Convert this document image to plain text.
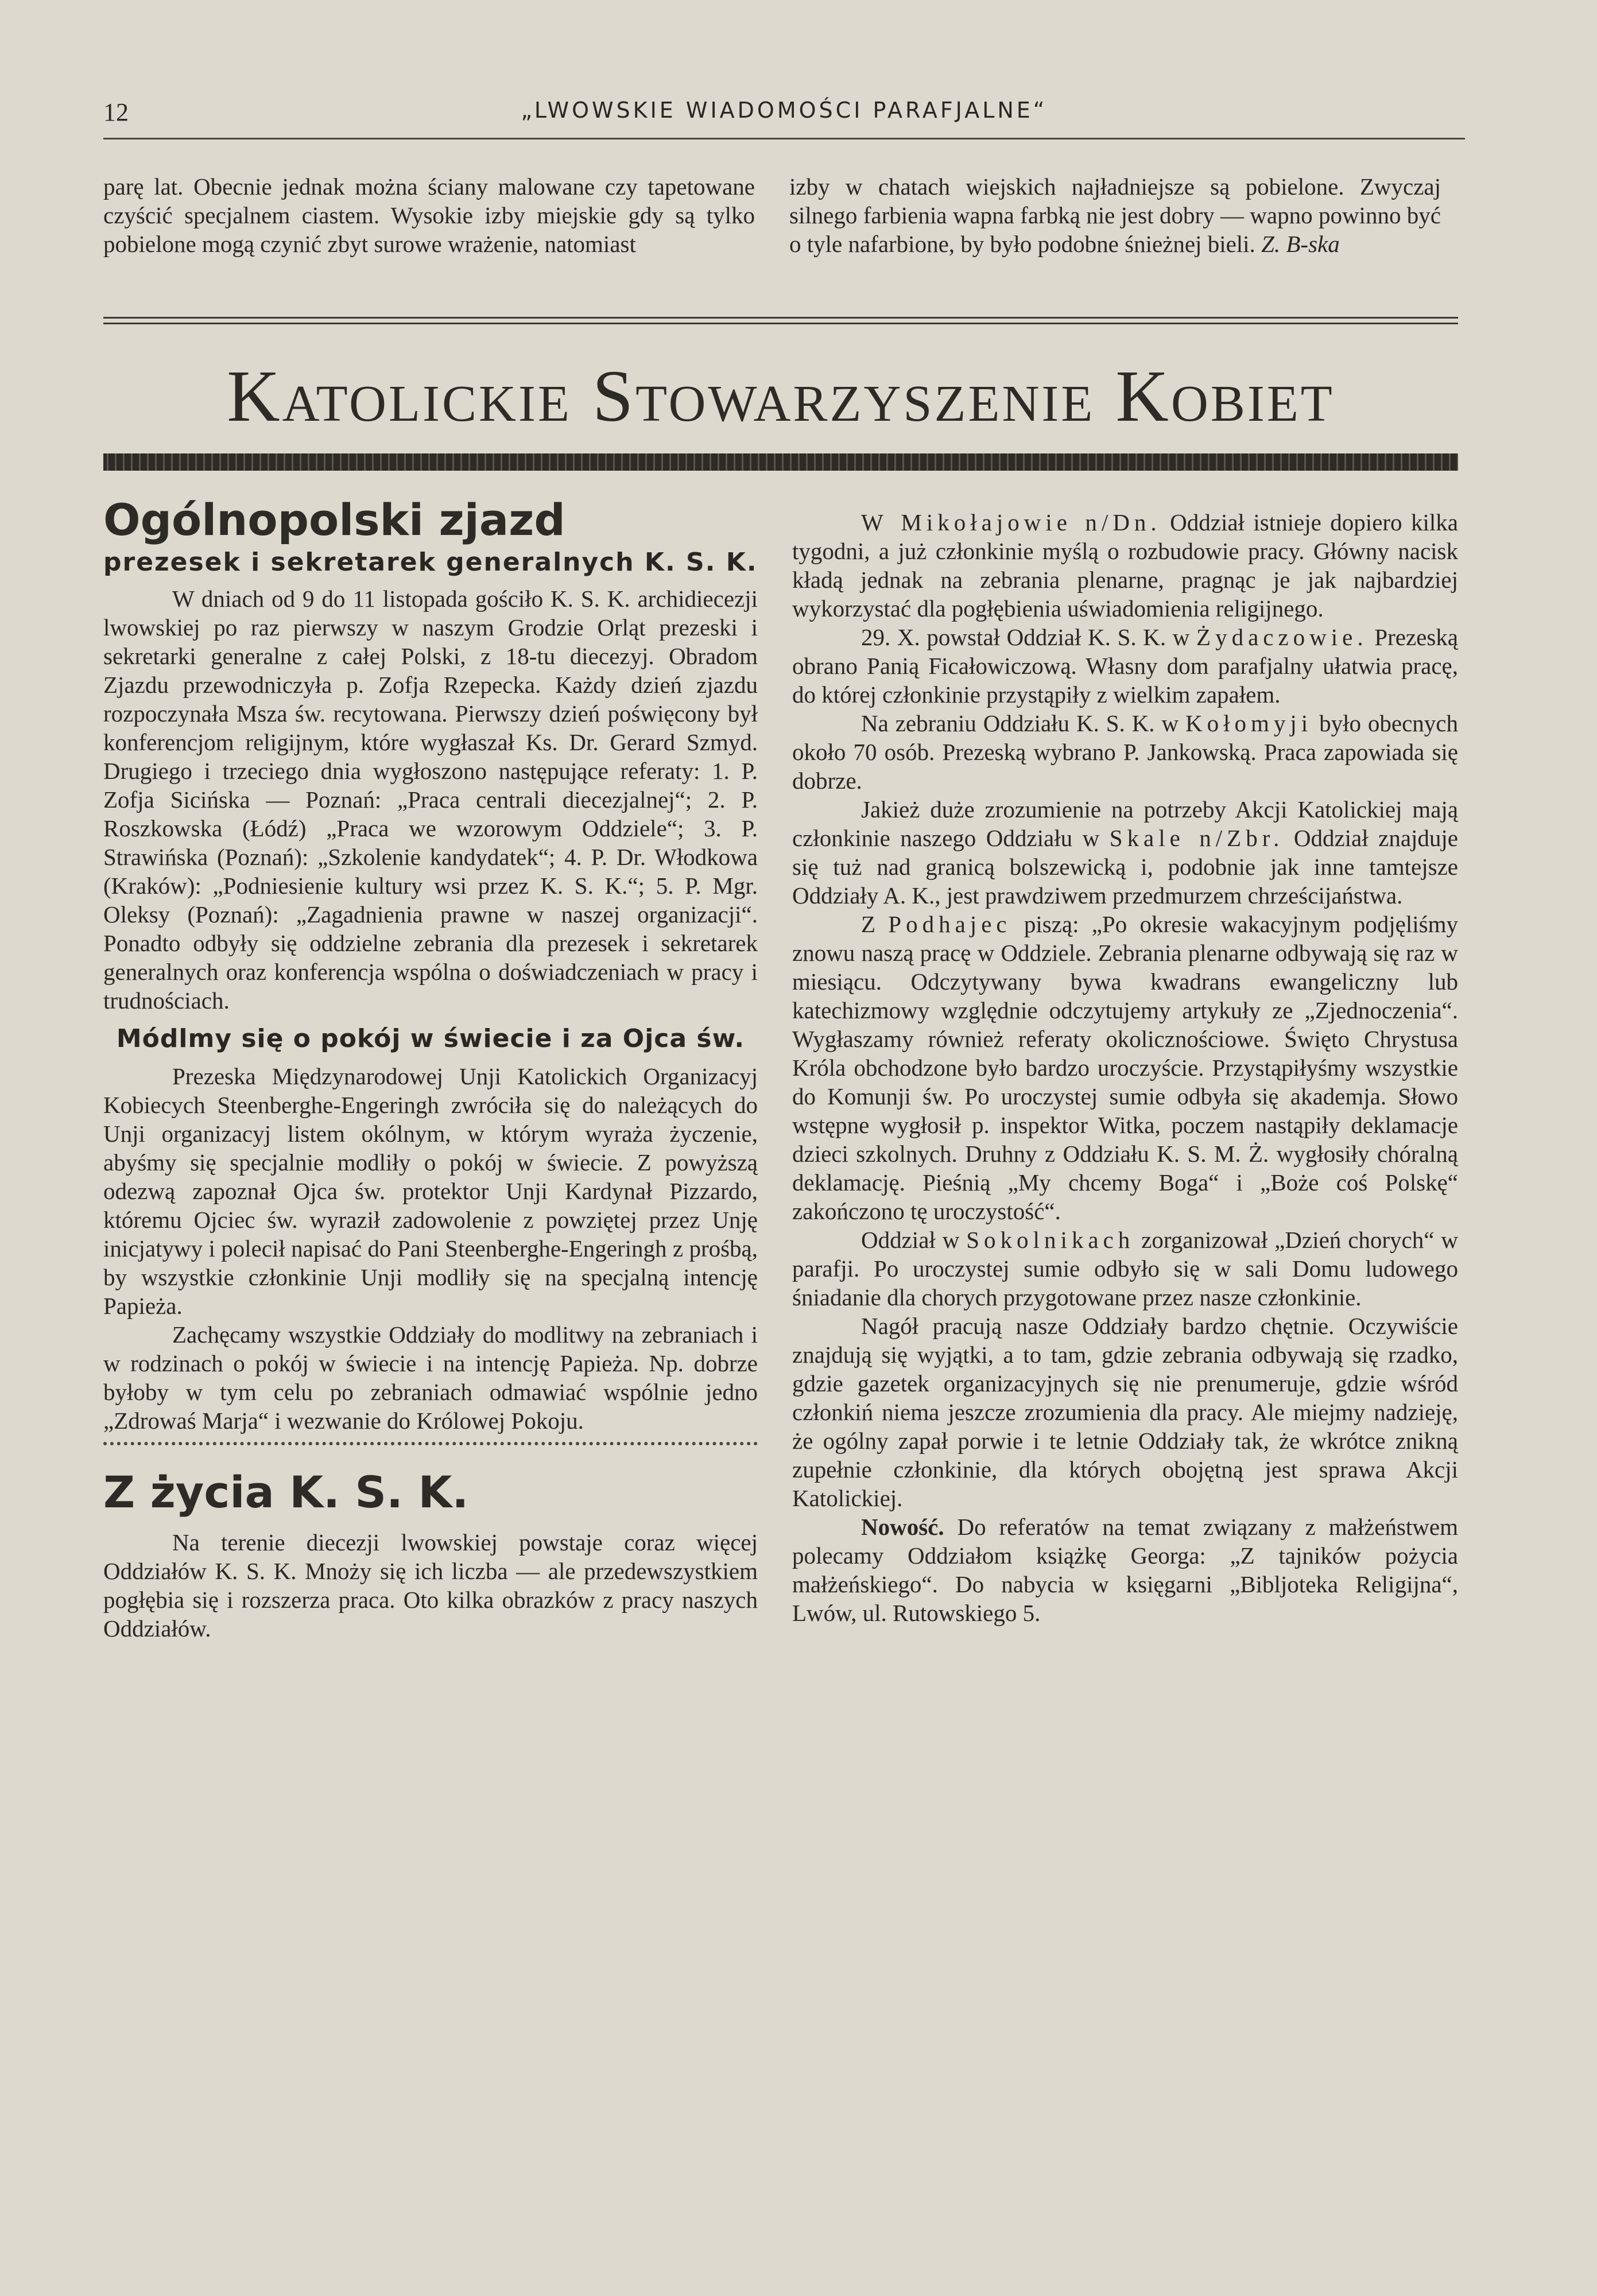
12	„LWOWSKIE WIADOMOŚCI PARAFJALNE“
parę lat. Obecnie jednak można ściany malowane czy tapetowane czyścić specjalnem ciastem. Wysokie izby miejskie gdy są tylko pobielone mogą czynić zbyt surowe wrażenie, natomiast
izby w chatach wiejskich najładniejsze są pobielone. Zwyczaj silnego farbienia wapna farbką nie jest dobry — wapno powinno być o tyle nafarbione, by było podobne śnieżnej bieli. Z. B-ska
Katolickie Stowarzyszenie Kobiet
Ogólnopolski zjazd
prezesek i sekretarek generalnych K. S. K.

W dniach od 9 do 11 listopada gościło K. S. K. archidiecezji lwowskiej po raz pierwszy w naszym Grodzie Orląt prezeski i sekretarki generalne z całej Polski, z 18-tu diecezyj. Obradom Zjazdu przewodniczyła p. Zofja Rzepecka. Każdy dzień zjazdu rozpoczynała Msza św. recytowana. Pierwszy dzień poświęcony był konferencjom religijnym, które wygłaszał Ks. Dr. Gerard Szmyd. Drugiego i trzeciego dnia wygłoszono następujące referaty: 1. P. Zofja Sicińska — Poznań: „Praca centrali diecezjalnej“; 2. P. Roszkowska (Łódź) „Praca we wzorowym Oddziele“; 3. P. Strawińska (Poznań): „Szkolenie kandydatek“; 4. P. Dr. Włodkowa (Kraków): „Podniesienie kultury wsi przez K. S. K.“; 5. P. Mgr. Oleksy (Poznań): „Zagadnienia prawne w naszej organizacji“. Ponadto odbyły się oddzielne zebrania dla prezesek i sekretarek generalnych oraz konferencja wspólna o doświadczeniach w pracy i trudnościach.

Módlmy się o pokój w świecie i za Ojca św.

Prezeska Międzynarodowej Unji Katolickich Organizacyj Kobiecych Steenberghe-Engeringh zwróciła się do należących do Unji organizacyj listem okólnym, w którym wyraża życzenie, abyśmy się specjalnie modliły o pokój w świecie. Z powyższą odezwą zapoznał Ojca św. protektor Unji Kardynał Pizzardo, któremu Ojciec św. wyraził zadowolenie z powziętej przez Unję inicjatywy i polecił napisać do Pani Steenberghe-Engeringh z prośbą, by wszystkie członkinie Unji modliły się na specjalną intencję Papieża.

Zachęcamy wszystkie Oddziały do modlitwy na zebraniach i w rodzinach o pokój w świecie i na intencję Papieża. Np. dobrze byłoby w tym celu po zebraniach odmawiać wspólnie jedno „Zdrowaś Marja“ i wezwanie do Królowej Pokoju.

Z życia K. S. K.

Na terenie diecezji lwowskiej powstaje coraz więcej Oddziałów K. S. K. Mnoży się ich liczba — ale przedewszystkiem pogłębia się i rozszerza praca. Oto kilka obrazków z pracy naszych Oddziałów.

W Mikołajowie n/Dn. Oddział istnieje dopiero kilka tygodni, a już członkinie myślą o rozbudowie pracy. Główny nacisk kładą jednak na zebrania plenarne, pragnąc je jak najbardziej wykorzystać dla pogłębienia uświadomienia religijnego.

29. X. powstał Oddział K. S. K. w Żydaczowie. Prezeską obrano Panią Ficałowiczową. Własny dom parafjalny ułatwia pracę, do której członkinie przystąpiły z wielkim zapałem.

Na zebraniu Oddziału K. S. K. w Kołomyji było obecnych około 70 osób. Prezeską wybrano P. Jankowską. Praca zapowiada się dobrze.

Jakież duże zrozumienie na potrzeby Akcji Katolickiej mają członkinie naszego Oddziału w Skale n/Zbr. Oddział znajduje się tuż nad granicą bolszewicką i, podobnie jak inne tamtejsze Oddziały A. K., jest prawdziwem przedmurzem chrześcijaństwa.

Z Podhajec piszą: „Po okresie wakacyjnym podjęliśmy znowu naszą pracę w Oddziele. Zebrania plenarne odbywają się raz w miesiącu. Odczytywany bywa kwadrans ewangeliczny lub katechizmowy względnie odczytujemy artykuły ze „Zjednoczenia“. Wygłaszamy również referaty okolicznościowe. Święto Chrystusa Króla obchodzone było bardzo uroczyście. Przystąpiłyśmy wszystkie do Komunji św. Po uroczystej sumie odbyła się akademja. Słowo wstępne wygłosił p. inspektor Witka, poczem nastąpiły deklamacje dzieci szkolnych. Druhny z Oddziału K. S. M. Ż. wygłosiły chóralną deklamację. Pieśnią „My chcemy Boga“ i „Boże coś Polskę“ zakończono tę uroczystość“.

Oddział w Sokolnikach zorganizował „Dzień chorych“ w parafji. Po uroczystej sumie odbyło się w sali Domu ludowego śniadanie dla chorych przygotowane przez nasze członkinie.

Nagół pracują nasze Oddziały bardzo chętnie. Oczywiście znajdują się wyjątki, a to tam, gdzie zebrania odbywają się rzadko, gdzie gazetek organizacyjnych się nie prenumeruje, gdzie wśród członkiń niema jeszcze zrozumienia dla pracy. Ale miejmy nadzieję, że ogólny zapał porwie i te letnie Oddziały tak, że wkrótce znikną zupełnie członkinie, dla których obojętną jest sprawa Akcji Katolickiej.

Nowość. Do referatów na temat związany z małżeństwem polecamy Oddziałom książkę Georga: „Z tajników pożycia małżeńskiego“. Do nabycia w księgarni „Bibljoteka Religijna“, Lwów, ul. Rutowskiego 5.
